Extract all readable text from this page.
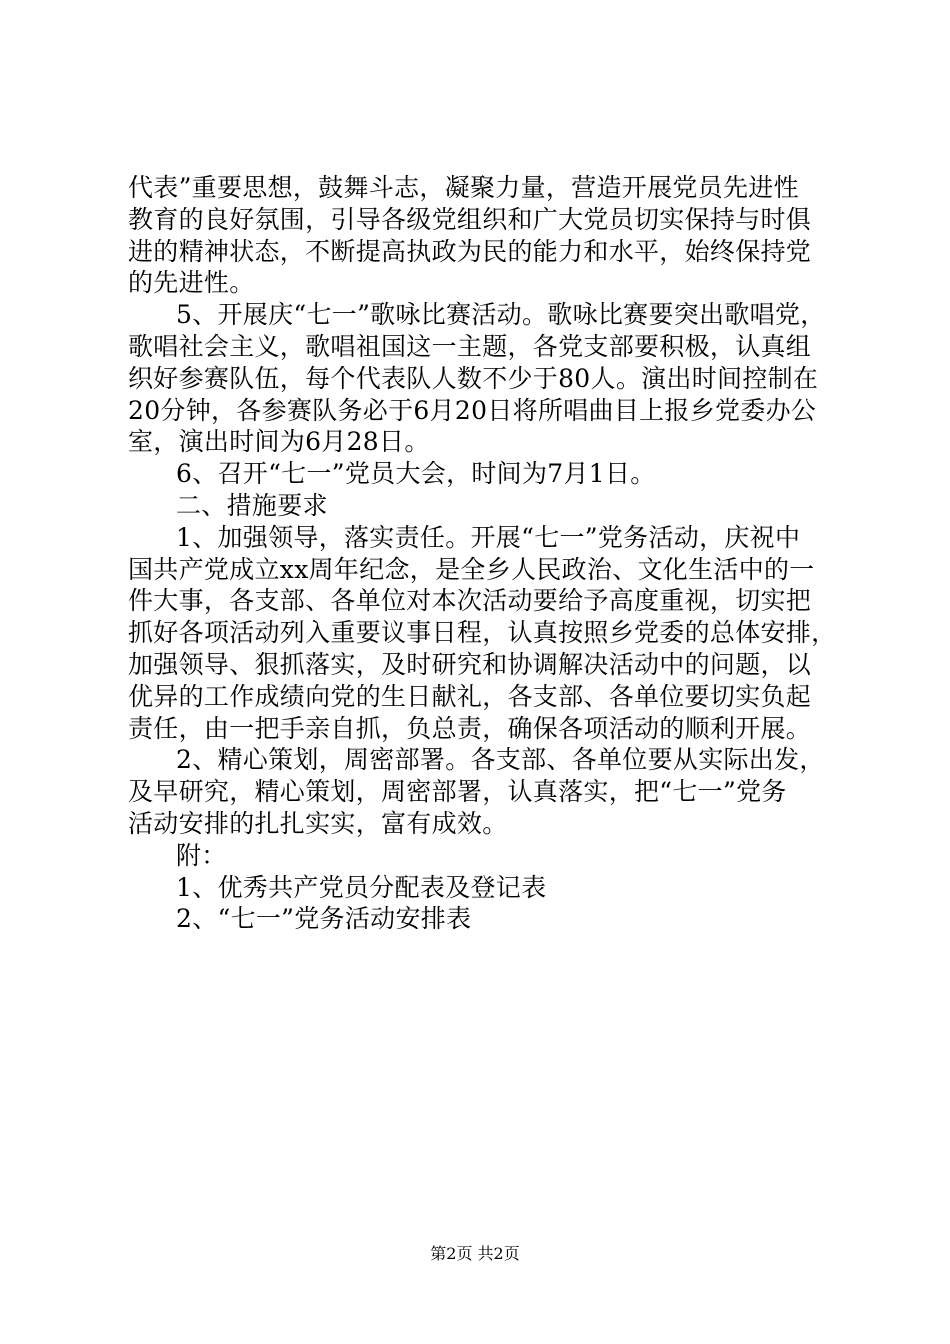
代表”重要思想，鼓舞斗志，凝聚力量，营造开展党员先进性
教育的良好氛围，引导各级党组织和广大党员切实保持与时俱
进的精神状态，不断提高执政为民的能力和水平，始终保持党
的先进性。
5、开展庆“七一”歌咏比赛活动。歌咏比赛要突出歌唱党，
歌唱社会主义，歌唱祖国这一主题，各党支部要积极，认真组
织好参赛队伍，每个代表队人数不少于80人。演出时间控制在
20分钟，各参赛队务必于6月20日将所唱曲目上报乡党委办公
室，演出时间为6月28日。
6、召开“七一”党员大会，时间为7月1日。
二、措施要求
1、加强领导，落实责任。开展“七一”党务活动，庆祝中
国共产党成立xx周年纪念，是全乡人民政治、文化生活中的一
件大事，各支部、各单位对本次活动要给予高度重视，切实把
抓好各项活动列入重要议事日程，认真按照乡党委的总体安排，
加强领导、狠抓落实，及时研究和协调解决活动中的问题，以
优异的工作成绩向党的生日献礼，各支部、各单位要切实负起
责任，由一把手亲自抓，负总责，确保各项活动的顺利开展。
2、精心策划，周密部署。各支部、各单位要从实际出发，
及早研究，精心策划，周密部署，认真落实，把“七一”党务
活动安排的扎扎实实，富有成效。
附：
1、优秀共产党员分配表及登记表
2、“七一”党务活动安排表
第2页 共2页
